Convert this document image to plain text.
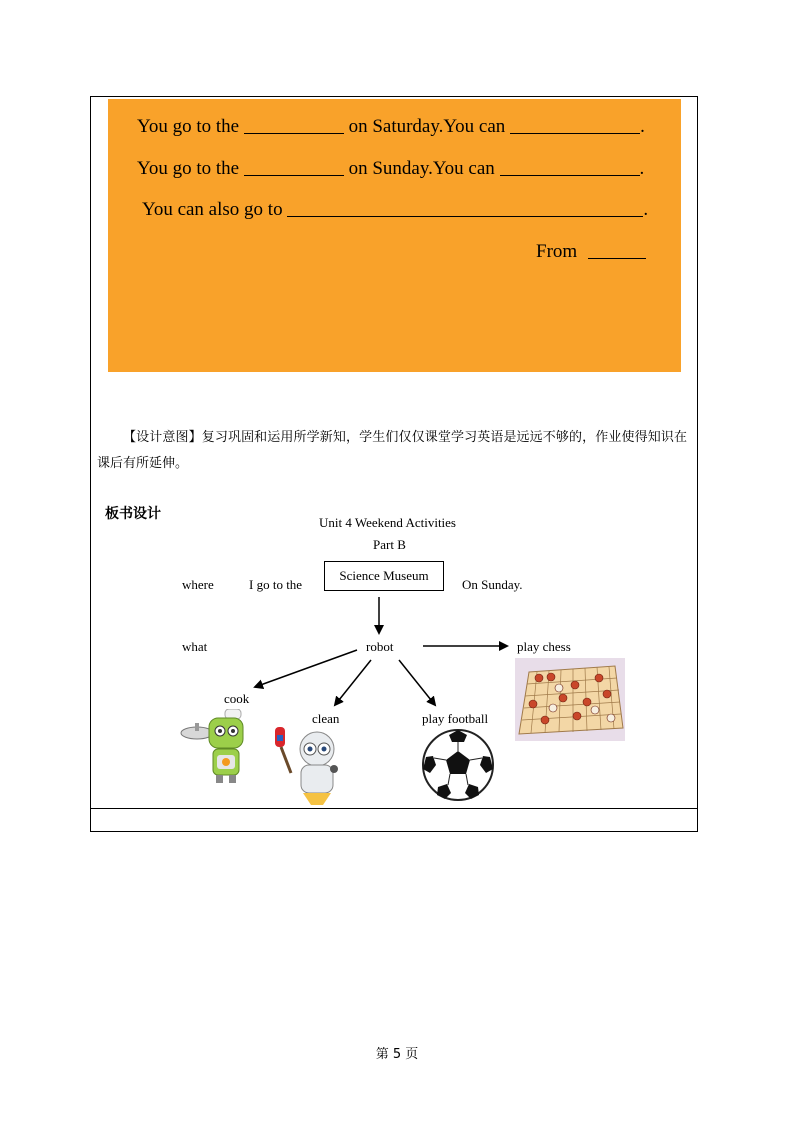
You go to the	on Saturday.You can	.
You go to the	on Sunday.You can	.
You can also go to	.
From
【设计意图】复习巩固和运用所学新知，学生们仅仅课堂学习英语是远远不够的，作业使得知识在课后有所延伸。
板书设计
Unit 4 Weekend Activities
Part B
where	I go to the
Science Museum
On Sunday.
what	robot	play chess
cook
clean	play football
第 5 页
